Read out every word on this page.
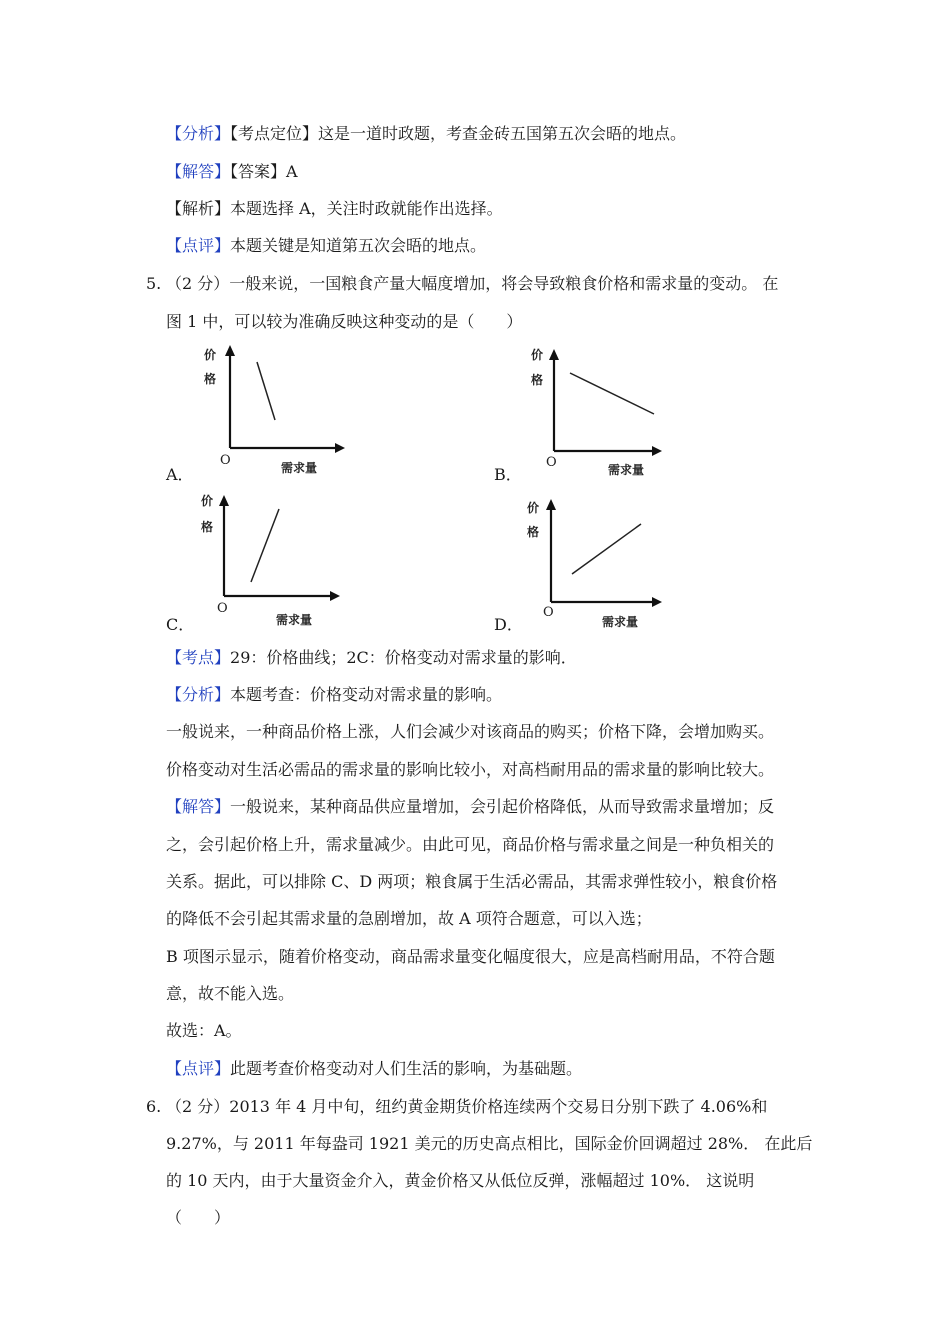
【分析】【考点定位】这是一道时政题，考查金砖五国第五次会晤的地点。
【解答】【答案】A
【解析】本题选择 A，关注时政就能作出选择。
【点评】本题关键是知道第五次会晤的地点。
5. （2 分）一般来说，一国粮食产量大幅度增加，将会导致粮食价格和需求量的变动。 在
图 1 中，可以较为准确反映这种变动的是（　　）
A．
价
格
O	需求量	B．
价
格
O	需求量
C．
价
格
O
需求量	D．
价
格
O
需求量
【考点】29：价格曲线；2C：价格变动对需求量的影响．
【分析】本题考查：价格变动对需求量的影响。
一般说来，一种商品价格上涨，人们会减少对该商品的购买；价格下降，会增加购买。
价格变动对生活必需品的需求量的影响比较小，对高档耐用品的需求量的影响比较大。
【解答】一般说来，某种商品供应量增加，会引起价格降低，从而导致需求量增加；反
之，会引起价格上升，需求量减少。由此可见，商品价格与需求量之间是一种负相关的
关系。据此，可以排除 C、D 两项；粮食属于生活必需品，其需求弹性较小，粮食价格
的降低不会引起其需求量的急剧增加，故 A 项符合题意，可以入选；
B 项图示显示，随着价格变动，商品需求量变化幅度很大，应是高档耐用品，不符合题
意，故不能入选。
故选：A。
【点评】此题考查价格变动对人们生活的影响，为基础题。
6. （2 分）2013 年 4 月中旬，纽约黄金期货价格连续两个交易日分别下跌了 4.06%和
9.27%，与 2011 年每盎司 1921 美元的历史高点相比，国际金价回调超过 28%． 在此后
的 10 天内，由于大量资金介入，黄金价格又从低位反弹，涨幅超过 10%． 这说明
（　　）
